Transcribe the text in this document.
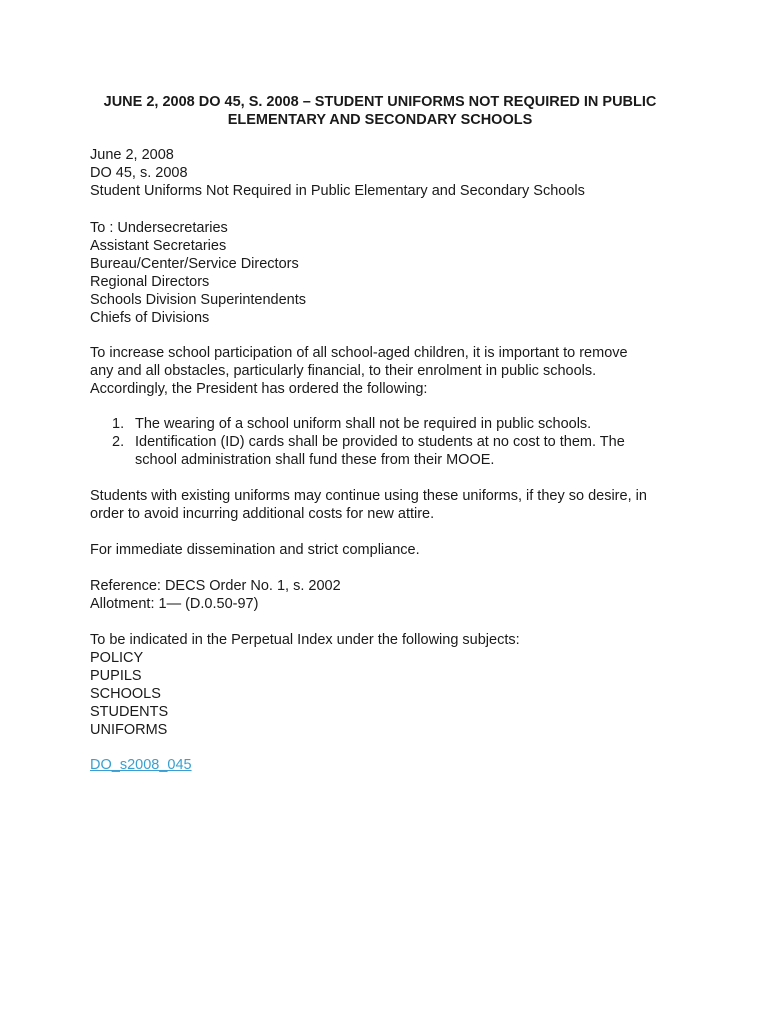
JUNE 2, 2008 DO 45, S. 2008 – STUDENT UNIFORMS NOT REQUIRED IN PUBLIC
ELEMENTARY AND SECONDARY SCHOOLS
June 2, 2008
DO 45, s. 2008
Student Uniforms Not Required in Public Elementary and Secondary Schools
To : Undersecretaries
Assistant Secretaries
Bureau/Center/Service Directors
Regional Directors
Schools Division Superintendents
Chiefs of Divisions
To increase school participation of all school-aged children, it is important to remove
any and all obstacles, particularly financial, to their enrolment in public schools.
Accordingly, the President has ordered the following:
1. The wearing of a school uniform shall not be required in public schools.
2. Identification (ID) cards shall be provided to students at no cost to them. The
school administration shall fund these from their MOOE.
Students with existing uniforms may continue using these uniforms, if they so desire, in
order to avoid incurring additional costs for new attire.
For immediate dissemination and strict compliance.
Reference: DECS Order No. 1, s. 2002
Allotment: 1— (D.0.50-97)
To be indicated in the Perpetual Index under the following subjects:
POLICY
PUPILS
SCHOOLS
STUDENTS
UNIFORMS
DO_s2008_045
